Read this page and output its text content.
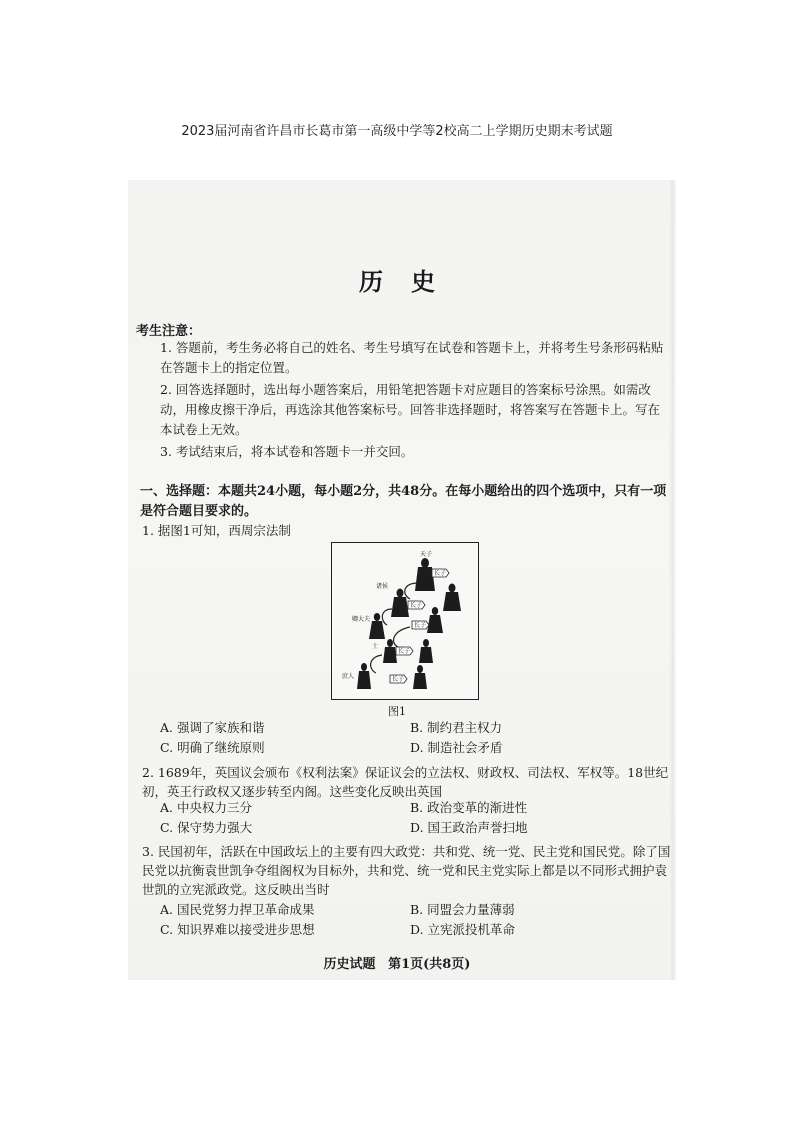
2023届河南省许昌市长葛市第一高级中学等2校高二上学期历史期末考试题
历史
考生注意：
1. 答题前，考生务必将自己的姓名、考生号填写在试卷和答题卡上，并将考生号条形码粘贴在答题卡上的指定位置。
2. 回答选择题时，选出每小题答案后，用铅笔把答题卡对应题目的答案标号涂黑。如需改动，用橡皮擦干净后，再选涂其他答案标号。回答非选择题时，将答案写在答题卡上。写在本试卷上无效。
3. 考试结束后，将本试卷和答题卡一并交回。
一、选择题：本题共24小题，每小题2分，共48分。在每小题给出的四个选项中，只有一项是符合题目要求的。
1. 据图1可知，西周宗法制
天子
诸侯
卿大夫
士
庶人
长子
长子
长子
长子
长子
图1
A. 强调了家族和谐	B. 制约君主权力
C. 明确了继统原则	D. 制造社会矛盾
2. 1689年，英国议会颁布《权利法案》保证议会的立法权、财政权、司法权、军权等。18世纪初，英王行政权又逐步转至内阁。这些变化反映出英国
A. 中央权力三分	B. 政治变革的渐进性
C. 保守势力强大	D. 国王政治声誉扫地
3. 民国初年，活跃在中国政坛上的主要有四大政党：共和党、统一党、民主党和国民党。除了国民党以抗衡袁世凯争夺组阁权为目标外，共和党、统一党和民主党实际上都是以不同形式拥护袁世凯的立宪派政党。这反映出当时
A. 国民党努力捍卫革命成果	B. 同盟会力量薄弱
C. 知识界难以接受进步思想	D. 立宪派投机革命
历史试题 第1页(共8页)
